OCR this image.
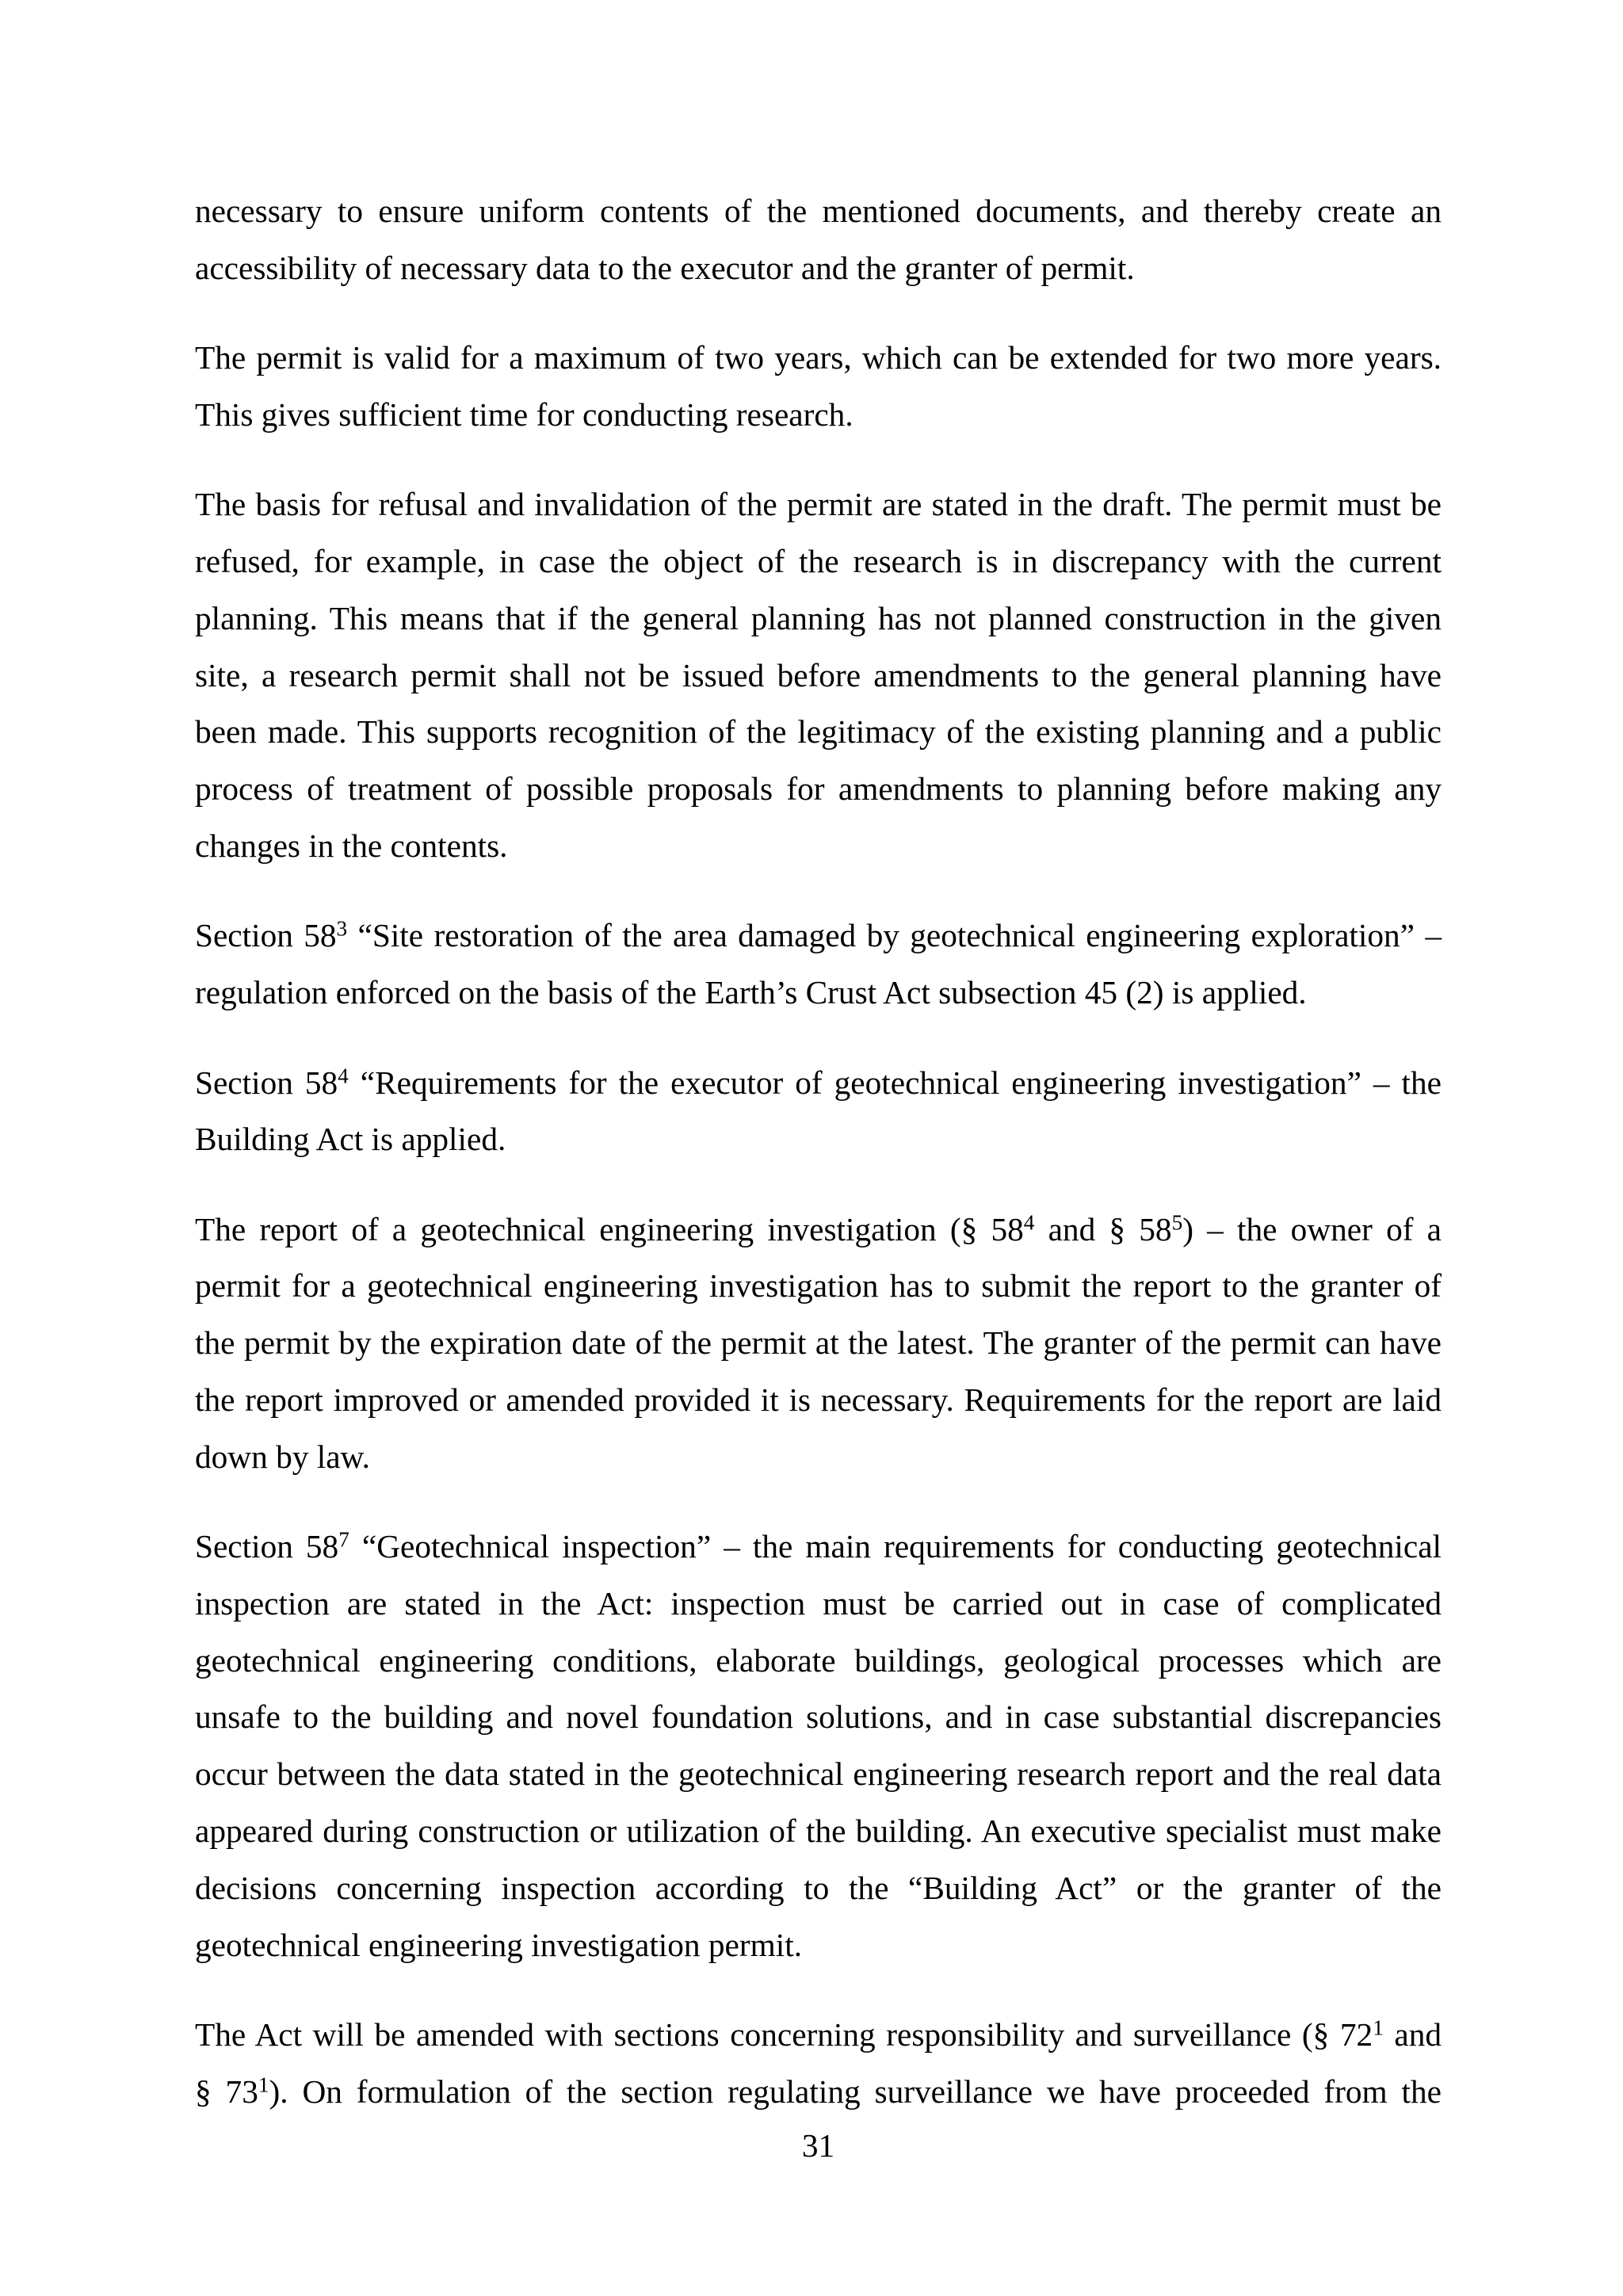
necessary to ensure uniform contents of the mentioned documents, and thereby create an
accessibility of necessary data to the executor and the granter of permit.
The permit is valid for a maximum of two years, which can be extended for two more years.
This gives sufficient time for conducting research.
The basis for refusal and invalidation of the permit are stated in the draft. The permit must be
refused, for example, in case the object of the research is in discrepancy with the current
planning. This means that if the general planning has not planned construction in the given
site, a research permit shall not be issued before amendments to the general planning have
been made. This supports recognition of the legitimacy of the existing planning and a public
process of treatment of possible proposals for amendments to planning before making any
changes in the contents.
Section $58^3$ “Site restoration of the area damaged by geotechnical engineering exploration” –
regulation enforced on the basis of the Earth’s Crust Act subsection 45 (2) is applied.
Section $58^4$ “Requirements for the executor of geotechnical engineering investigation” – the
Building Act is applied.
The report of a geotechnical engineering investigation (§ $58^4$ and § $58^5$) – the owner of a
permit for a geotechnical engineering investigation has to submit the report to the granter of
the permit by the expiration date of the permit at the latest. The granter of the permit can have
the report improved or amended provided it is necessary. Requirements for the report are laid
down by law.
Section $58^7$ “Geotechnical inspection” – the main requirements for conducting geotechnical
inspection are stated in the Act: inspection must be carried out in case of complicated
geotechnical engineering conditions, elaborate buildings, geological processes which are
unsafe to the building and novel foundation solutions, and in case substantial discrepancies
occur between the data stated in the geotechnical engineering research report and the real data
appeared during construction or utilization of the building. An executive specialist must make
decisions concerning inspection according to the “Building Act” or the granter of the
geotechnical engineering investigation permit.
The Act will be amended with sections concerning responsibility and surveillance (§ $72^1$ and
§ $73^1$). On formulation of the section regulating surveillance we have proceeded from the
31
